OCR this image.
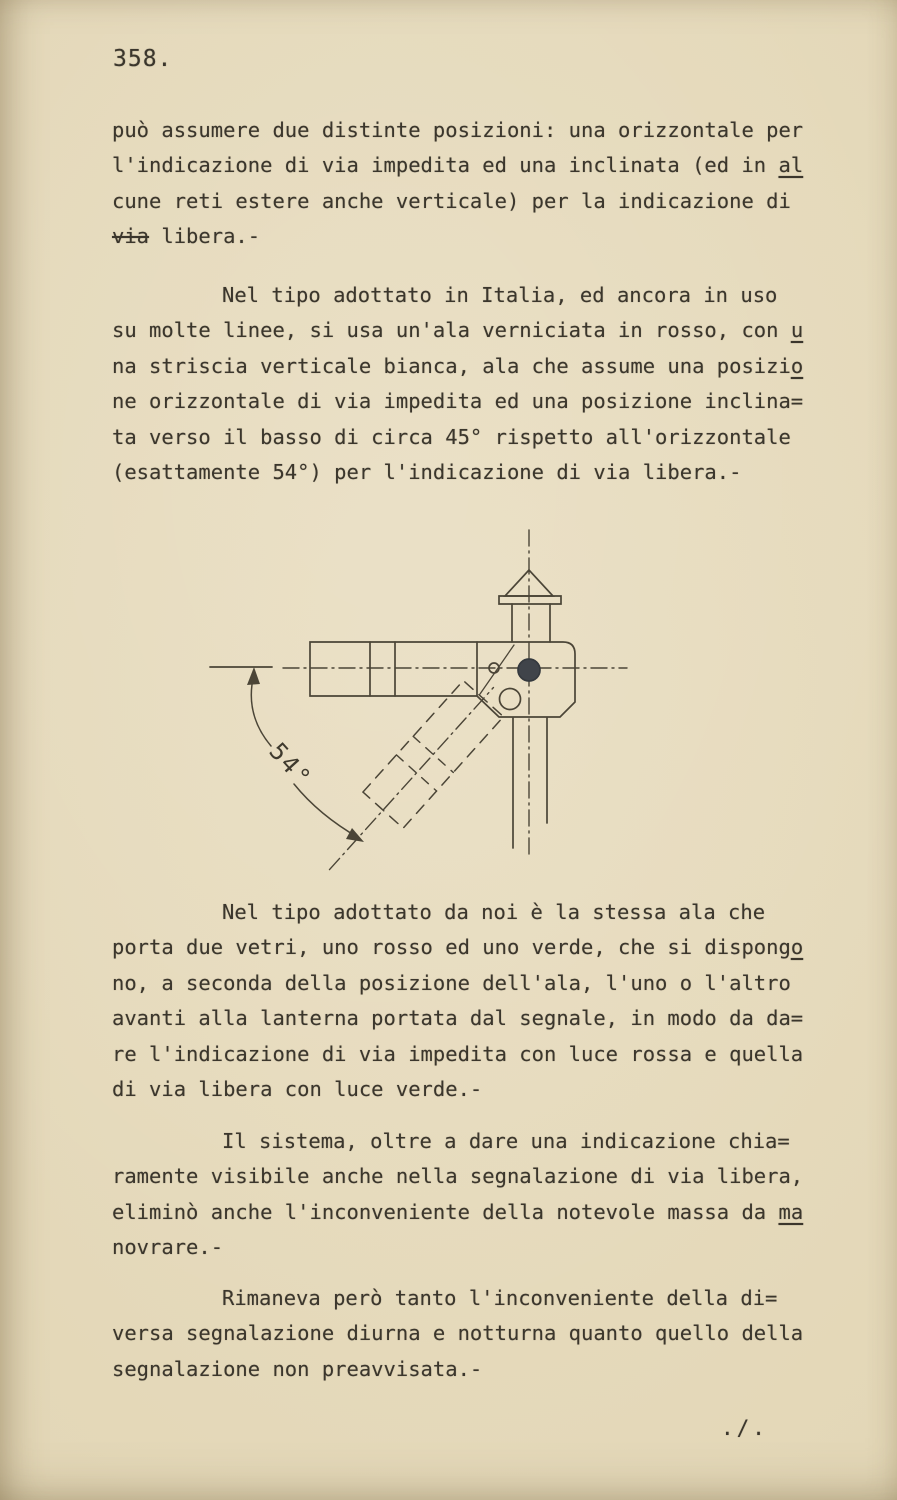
358.
può assumere due distinte posizioni: una orizzontale per
l'indicazione di via impedita ed una inclinata (ed in al
cune reti estere anche verticale) per la indicazione di
via libera.-
Nel tipo adottato in Italia, ed ancora in uso
su molte linee, si usa un'ala verniciata in rosso, con u
na striscia verticale bianca, ala che assume una posizio
ne orizzontale di via impedita ed una posizione inclina=
ta verso il basso di circa 45° rispetto all'orizzontale
(esattamente 54°) per l'indicazione di via libera.-
Nel tipo adottato da noi è la stessa ala che
porta due vetri, uno rosso ed uno verde, che si dispongo
no, a seconda della posizione dell'ala, l'uno o l'altro
avanti alla lanterna portata dal segnale, in modo da da=
re l'indicazione di via impedita con luce rossa e quella
di via libera con luce verde.-
Il sistema, oltre a dare una indicazione chia=
ramente visibile anche nella segnalazione di via libera,
eliminò anche l'inconveniente della notevole massa da ma
novrare.-
Rimaneva però tanto l'inconveniente della di=
versa segnalazione diurna e notturna quanto quello della
segnalazione non preavvisata.-
54°
./.
